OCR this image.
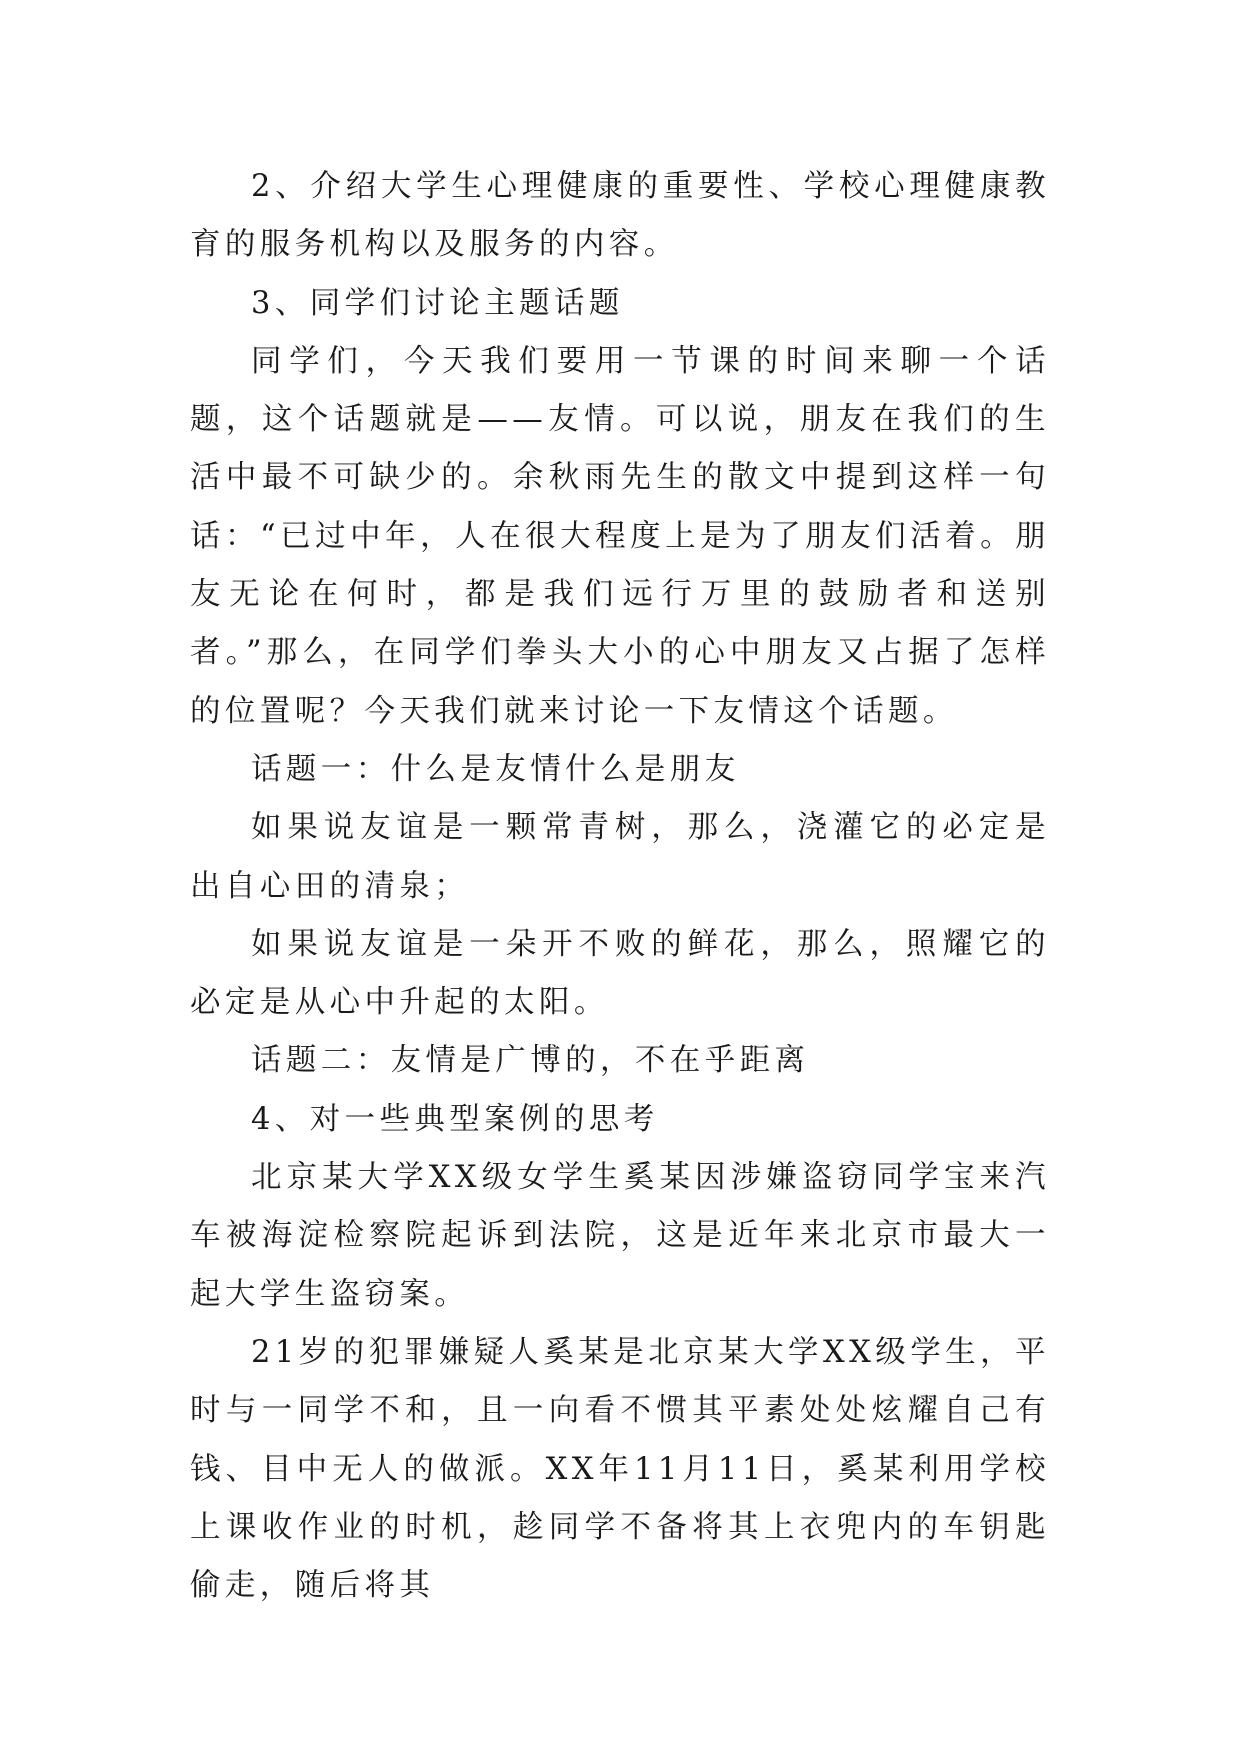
2、介绍大学生心理健康的重要性、学校心理健康教育的服务机构以及服务的内容。

3、同学们讨论主题话题

同学们，今天我们要用一节课的时间来聊一个话题，这个话题就是——友情。可以说，朋友在我们的生活中最不可缺少的。余秋雨先生的散文中提到这样一句话：“已过中年，人在很大程度上是为了朋友们活着。朋友无论在何时，都是我们远行万里的鼓励者和送别者。”那么，在同学们拳头大小的心中朋友又占据了怎样的位置呢？今天我们就来讨论一下友情这个话题。

话题一：什么是友情什么是朋友

如果说友谊是一颗常青树，那么，浇灌它的必定是出自心田的清泉；

如果说友谊是一朵开不败的鲜花，那么，照耀它的必定是从心中升起的太阳。

话题二：友情是广博的，不在乎距离

4、对一些典型案例的思考

北京某大学XX级女学生奚某因涉嫌盗窃同学宝来汽车被海淀检察院起诉到法院，这是近年来北京市最大一起大学生盗窃案。

21岁的犯罪嫌疑人奚某是北京某大学XX级学生，平时与一同学不和，且一向看不惯其平素处处炫耀自己有钱、目中无人的做派。XX年11月11日，奚某利用学校上课收作业的时机，趁同学不备将其上衣兜内的车钥匙偷走，随后将其
